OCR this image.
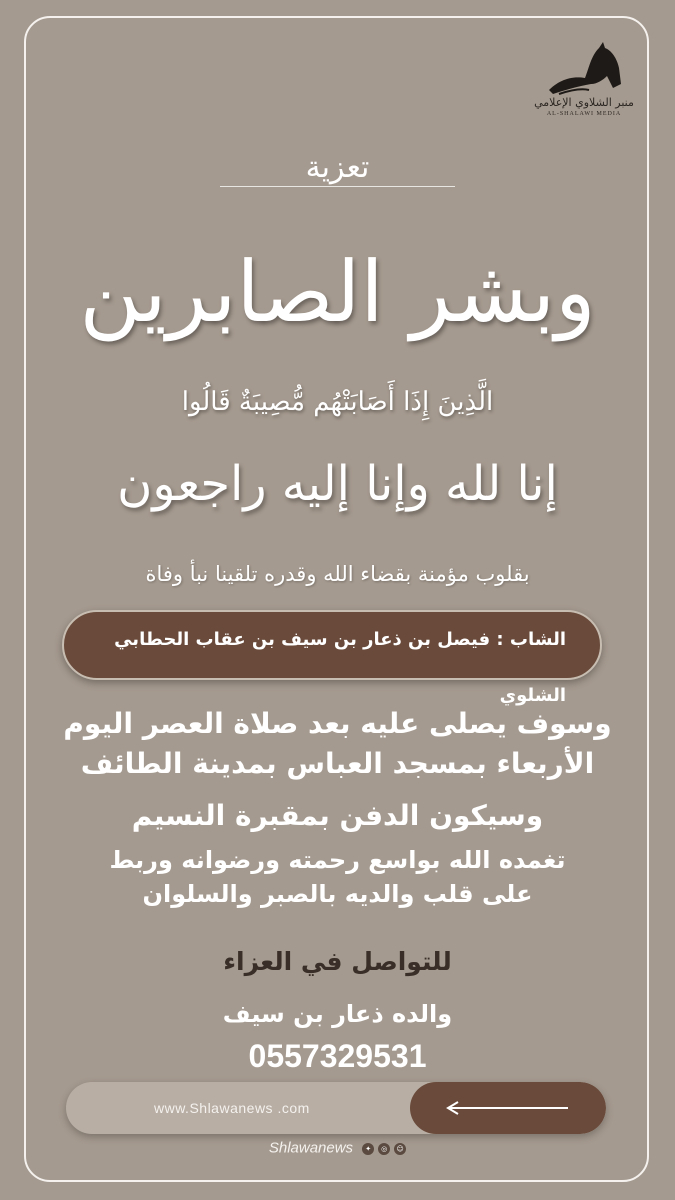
منبر الشلاوي الإعلامي
AL-SHALAWI MEDIA
تعزية
وبشر الصابرين
الَّذِينَ إِذَا أَصَابَتْهُم مُّصِيبَةٌ قَالُوا
إنا لله وإنا إليه راجعون
بقلوب مؤمنة بقضاء الله وقدره تلقينا نبأ وفاة
الشاب : فيصل بن ذعار بن سيف بن عقاب الحطابي الشلوي
وسوف يصلى عليه بعد صلاة العصر اليوم
الأربعاء بمسجد العباس بمدينة الطائف
وسيكون الدفن بمقبرة النسيم
تغمده الله بواسع رحمته ورضوانه وربط
على قلب والديه بالصبر والسلوان
للتواصل في العزاء
والده ذعار بن سيف
0557329531
www.Shlawanews .com
Shlawanews ✦ ◎ ☺
